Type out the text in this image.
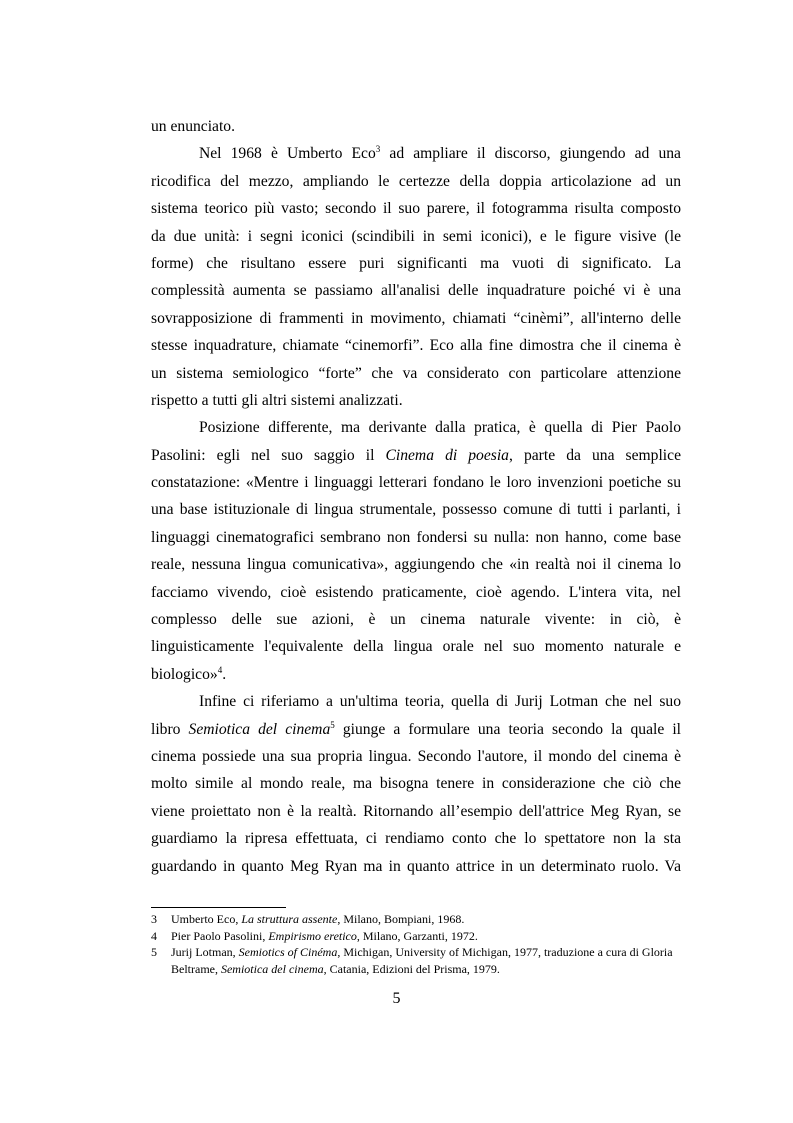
un enunciato.
Nel 1968 è Umberto Eco$^3$ ad ampliare il discorso, giungendo ad una
ricodifica del mezzo, ampliando le certezze della doppia articolazione ad un
sistema teorico più vasto; secondo il suo parere, il fotogramma risulta composto
da due unità: i segni iconici (scindibili in semi iconici), e le figure visive (le
forme) che risultano essere puri significanti ma vuoti di significato. La
complessità aumenta se passiamo all'analisi delle inquadrature poiché vi è una
sovrapposizione di frammenti in movimento, chiamati “cinèmi”, all'interno delle
stesse inquadrature, chiamate “cinemorfi”. Eco alla fine dimostra che il cinema è
un sistema semiologico “forte” che va considerato con particolare attenzione
rispetto a tutti gli altri sistemi analizzati.
Posizione differente, ma derivante dalla pratica, è quella di Pier Paolo
Pasolini: egli nel suo saggio il Cinema di poesia, parte da una semplice
constatazione: «Mentre i linguaggi letterari fondano le loro invenzioni poetiche su
una base istituzionale di lingua strumentale, possesso comune di tutti i parlanti, i
linguaggi cinematografici sembrano non fondersi su nulla: non hanno, come base
reale, nessuna lingua comunicativa», aggiungendo che «in realtà noi il cinema lo
facciamo vivendo, cioè esistendo praticamente, cioè agendo. L'intera vita, nel
complesso delle sue azioni, è un cinema naturale vivente: in ciò, è
linguisticamente l'equivalente della lingua orale nel suo momento naturale e
biologico»$^4$.
Infine ci riferiamo a un'ultima teoria, quella di Jurij Lotman che nel suo
libro Semiotica del cinema$^5$ giunge a formulare una teoria secondo la quale il
cinema possiede una sua propria lingua. Secondo l'autore, il mondo del cinema è
molto simile al mondo reale, ma bisogna tenere in considerazione che ciò che
viene proiettato non è la realtà. Ritornando all’esempio dell'attrice Meg Ryan, se
guardiamo la ripresa effettuata, ci rendiamo conto che lo spettatore non la sta
guardando in quanto Meg Ryan ma in quanto attrice in un determinato ruolo. Va
3	Umberto Eco, La struttura assente, Milano, Bompiani, 1968.
4	Pier Paolo Pasolini, Empirismo eretico, Milano, Garzanti, 1972.
5	Jurij Lotman, Semiotics of Cinéma, Michigan, University of Michigan, 1977, traduzione a cura di Gloria Beltrame, Semiotica del cinema, Catania, Edizioni del Prisma, 1979.
5
